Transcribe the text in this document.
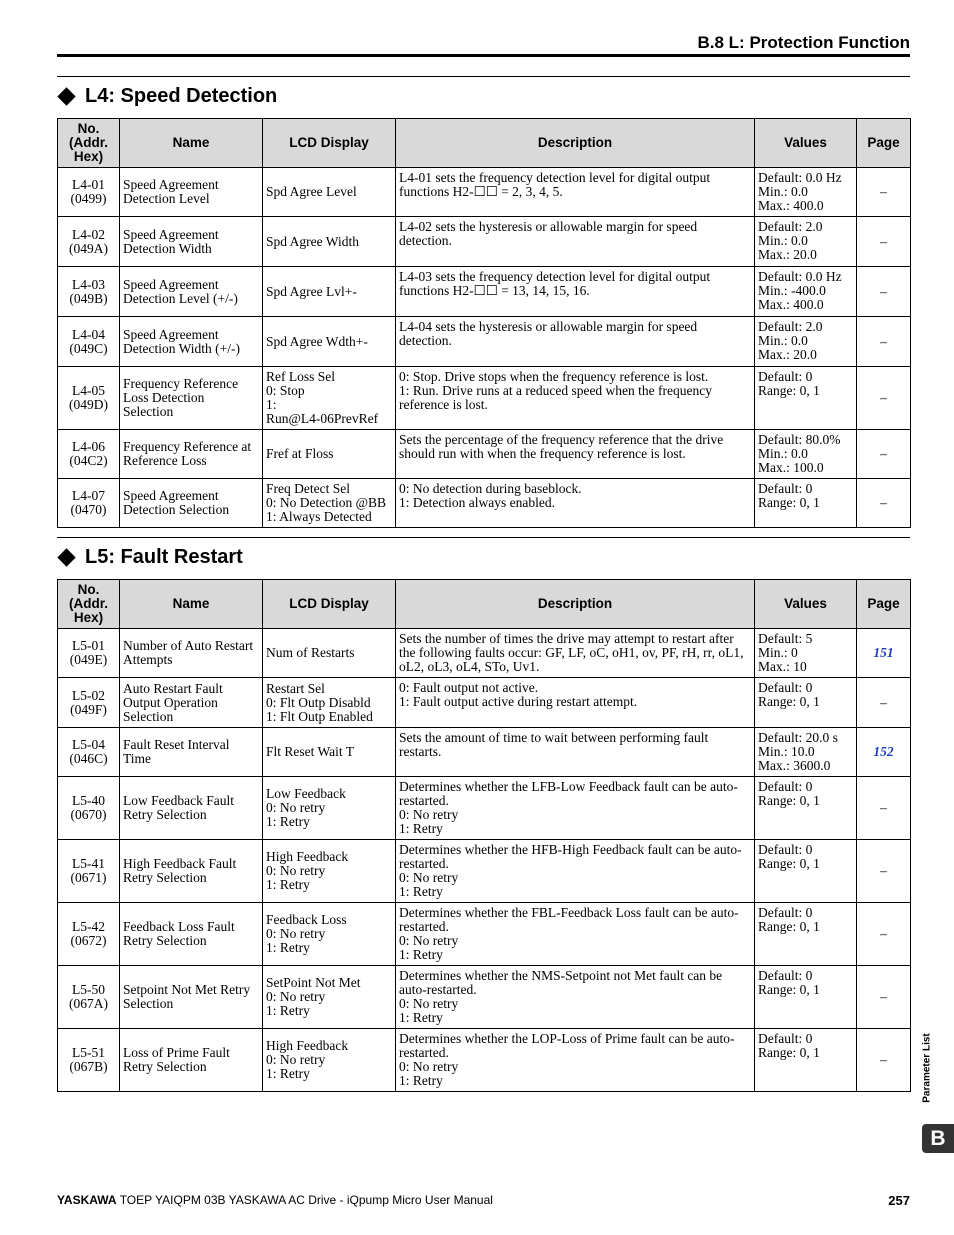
B.8 L: Protection Function
L4: Speed Detection
No.
(Addr.
Hex)	Name	LCD Display	Description	Values	Page
L4-01
(0499)	Speed Agreement
Detection Level	Spd Agree Level	L4-01 sets the frequency detection level for digital output functions H2-☐☐ = 2, 3, 4, 5.	Default: 0.0 Hz
Min.: 0.0
Max.: 400.0	–
L4-02
(049A)	Speed Agreement
Detection Width	Spd Agree Width	L4-02 sets the hysteresis or allowable margin for speed detection.	Default: 2.0
Min.: 0.0
Max.: 20.0	–
L4-03
(049B)	Speed Agreement
Detection Level (+/-)	Spd Agree Lvl+-	L4-03 sets the frequency detection level for digital output functions H2-☐☐ = 13, 14, 15, 16.	Default: 0.0 Hz
Min.: -400.0
Max.: 400.0	–
L4-04
(049C)	Speed Agreement
Detection Width (+/-)	Spd Agree Wdth+-	L4-04 sets the hysteresis or allowable margin for speed detection.	Default: 2.0
Min.: 0.0
Max.: 20.0	–
L4-05
(049D)	Frequency Reference
Loss Detection
Selection	Ref Loss Sel
0: Stop
1:
Run@L4-06PrevRef	0: Stop. Drive stops when the frequency reference is lost.
1: Run. Drive runs at a reduced speed when the frequency reference is lost.	Default: 0
Range: 0, 1	–
L4-06
(04C2)	Frequency Reference at
Reference Loss	Fref at Floss	Sets the percentage of the frequency reference that the drive should run with when the frequency reference is lost.	Default: 80.0%
Min.: 0.0
Max.: 100.0	–
L4-07
(0470)	Speed Agreement
Detection Selection	Freq Detect Sel
0: No Detection @BB
1: Always Detected	0: No detection during baseblock.
1: Detection always enabled.	Default: 0
Range: 0, 1	–
L5: Fault Restart
No.
(Addr.
Hex)	Name	LCD Display	Description	Values	Page
L5-01
(049E)	Number of Auto Restart
Attempts	Num of Restarts	Sets the number of times the drive may attempt to restart after the following faults occur: GF, LF, oC, oH1, ov, PF, rH, rr, oL1, oL2, oL3, oL4, STo, Uv1.	Default: 5
Min.: 0
Max.: 10	151
L5-02
(049F)	Auto Restart Fault
Output Operation
Selection	Restart Sel
0: Flt Outp Disabld
1: Flt Outp Enabled	0: Fault output not active.
1: Fault output active during restart attempt.	Default: 0
Range: 0, 1	–
L5-04
(046C)	Fault Reset Interval
Time	Flt Reset Wait T	Sets the amount of time to wait between performing fault restarts.	Default: 20.0 s
Min.: 10.0
Max.: 3600.0	152
L5-40
(0670)	Low Feedback Fault
Retry Selection	Low Feedback
0: No retry
1: Retry	Determines whether the LFB-Low Feedback fault can be auto-restarted.
0: No retry
1: Retry	Default: 0
Range: 0, 1	–
L5-41
(0671)	High Feedback Fault
Retry Selection	High Feedback
0: No retry
1: Retry	Determines whether the HFB-High Feedback fault can be auto-restarted.
0: No retry
1: Retry	Default: 0
Range: 0, 1	–
L5-42
(0672)	Feedback Loss Fault
Retry Selection	Feedback Loss
0: No retry
1: Retry	Determines whether the FBL-Feedback Loss fault can be auto-restarted.
0: No retry
1: Retry	Default: 0
Range: 0, 1	–
L5-50
(067A)	Setpoint Not Met Retry
Selection	SetPoint Not Met
0: No retry
1: Retry	Determines whether the NMS-Setpoint not Met fault can be auto-restarted.
0: No retry
1: Retry	Default: 0
Range: 0, 1	–
L5-51
(067B)	Loss of Prime Fault
Retry Selection	High Feedback
0: No retry
1: Retry	Determines whether the LOP-Loss of Prime fault can be auto-restarted.
0: No retry
1: Retry	Default: 0
Range: 0, 1	–	Parameter List
B
YASKAWA TOEP YAIQPM 03B YASKAWA AC Drive - iQpump Micro User Manual	257
